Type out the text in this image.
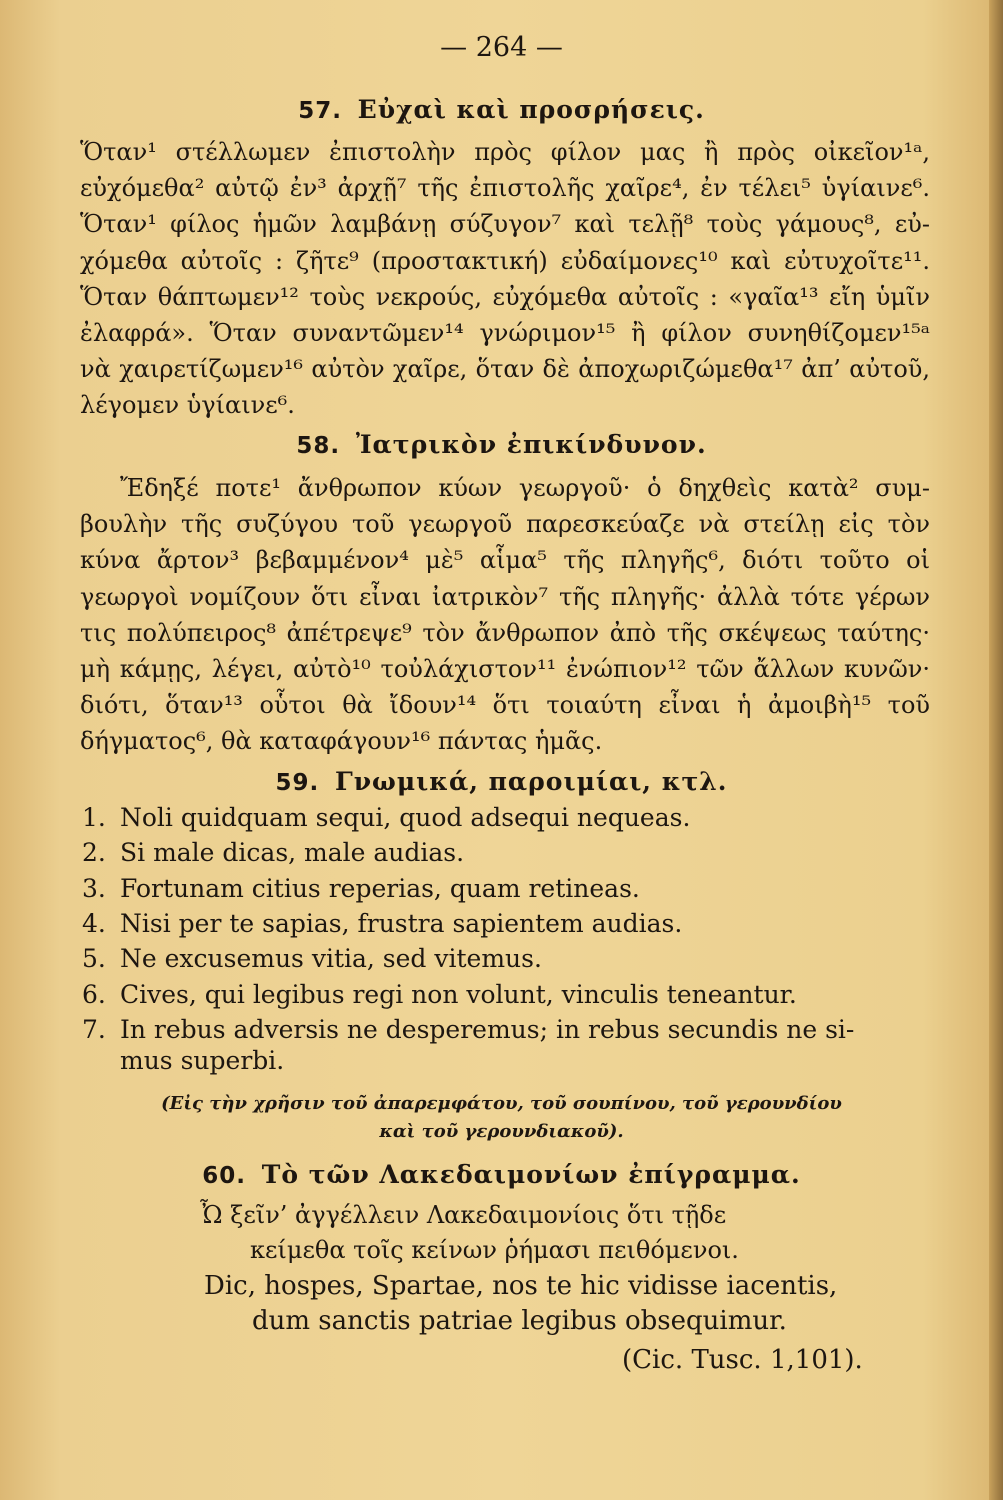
— 264 —
57. Εὐχαὶ καὶ προσρήσεις.
Ὅταν¹ στέλλωμεν ἐπιστολὴν πρὸς φίλον μας ἢ πρὸς οἰκεῖον¹ᵃ,
εὐχόμεθα² αὐτῷ ἐν³ ἀρχῇ⁷ τῆς ἐπιστολῆς χαῖρε⁴, ἐν τέλει⁵ ὑγίαινε⁶.
Ὅταν¹ φίλος ἡμῶν λαμβάνῃ σύζυγον⁷ καὶ τελῇ⁸ τοὺς γάμους⁸, εὐ-
χόμεθα αὐτοῖς : ζῆτε⁹ (προστακτική) εὐδαίμονες¹⁰ καὶ εὐτυχοῖτε¹¹.
Ὅταν θάπτωμεν¹² τοὺς νεκρούς, εὐχόμεθα αὐτοῖς : «γαῖα¹³ εἴη ὑμῖν
ἐλαφρά». Ὅταν συναντῶμεν¹⁴ γνώριμον¹⁵ ἢ φίλον συνηθίζομεν¹⁵ᵃ
νὰ χαιρετίζωμεν¹⁶ αὐτὸν χαῖρε, ὅταν δὲ ἀποχωριζώμεθα¹⁷ ἀπ’ αὐτοῦ,
λέγομεν ὑγίαινε⁶.
58. Ἰατρικὸν ἐπικίνδυνον.
Ἔδηξέ ποτε¹ ἄνθρωπον κύων γεωργοῦ· ὁ δηχθεὶς κατὰ² συμ-
βουλὴν τῆς συζύγου τοῦ γεωργοῦ παρεσκεύαζε νὰ στείλῃ εἰς τὸν
κύνα ἄρτον³ βεβαμμένον⁴ μὲ⁵ αἷμα⁵ τῆς πληγῆς⁶, διότι τοῦτο οἱ
γεωργοὶ νομίζουν ὅτι εἶναι ἰατρικὸν⁷ τῆς πληγῆς· ἀλλὰ τότε γέρων
τις πολύπειρος⁸ ἀπέτρεψε⁹ τὸν ἄνθρωπον ἀπὸ τῆς σκέψεως ταύτης·
μὴ κάμῃς, λέγει, αὐτὸ¹⁰ τοὐλάχιστον¹¹ ἐνώπιον¹² τῶν ἄλλων κυνῶν·
διότι, ὅταν¹³ οὗτοι θὰ ἴδουν¹⁴ ὅτι τοιαύτη εἶναι ἡ ἀμοιβὴ¹⁵ τοῦ
δήγματος⁶, θὰ καταφάγουν¹⁶ πάντας ἡμᾶς.
59. Γνωμικά, παροιμίαι, κτλ.
1. Noli quidquam sequi, quod adsequi nequeas.
2. Si male dicas, male audias.
3. Fortunam citius reperias, quam retineas.
4. Nisi per te sapias, frustra sapientem audias.
5. Ne excusemus vitia, sed vitemus.
6. Cives, qui legibus regi non volunt, vinculis teneantur.
7. In rebus adversis ne desperemus; in rebus secundis ne si-
mus superbi.
(Εἰς τὴν χρῆσιν τοῦ ἀπαρεμφάτου, τοῦ σουπίνου, τοῦ γερουνδίου
καὶ τοῦ γερουνδιακοῦ).
60. Τὸ τῶν Λακεδαιμονίων ἐπίγραμμα.
Ὦ ξεῖν’ ἀγγέλλειν Λακεδαιμονίοις ὅτι τῇδε
κείμεθα τοῖς κείνων ῥήμασι πειθόμενοι.
Dic, hospes, Spartae, nos te hic vidisse iacentis,
dum sanctis patriae legibus obsequimur.
(Cic. Tusc. 1,101).
